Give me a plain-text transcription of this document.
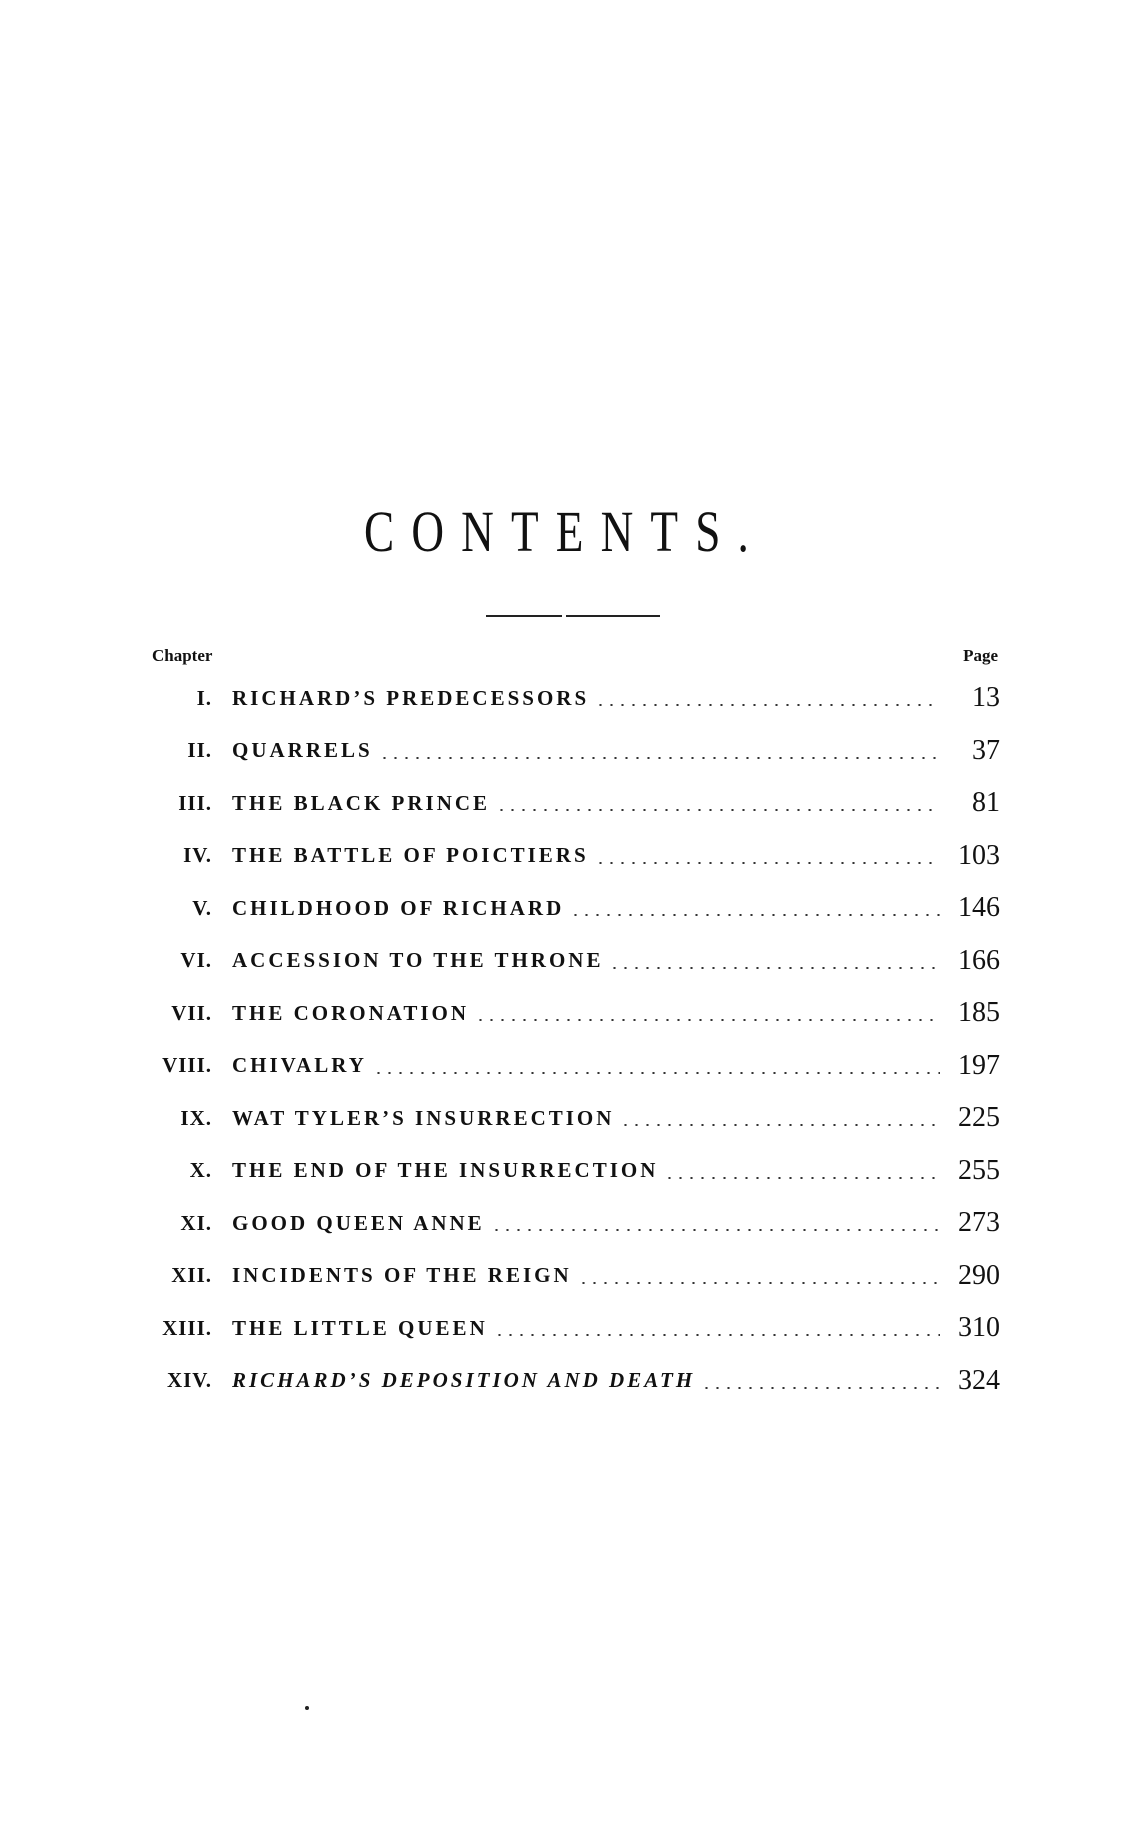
CONTENTS.
Chapter	Page
I. RICHARD’S PREDECESSORS	13
II. QUARRELS	37
III. THE BLACK PRINCE	81
IV. THE BATTLE OF POICTIERS	103
V. CHILDHOOD OF RICHARD	146
VI. ACCESSION TO THE THRONE	166
VII. THE CORONATION	185
VIII. CHIVALRY	197
IX. WAT TYLER’S INSURRECTION	225
X. THE END OF THE INSURRECTION	255
XI. GOOD QUEEN ANNE	273
XII. INCIDENTS OF THE REIGN	290
XIII. THE LITTLE QUEEN	310
XIV. RICHARD’S DEPOSITION AND DEATH	324
